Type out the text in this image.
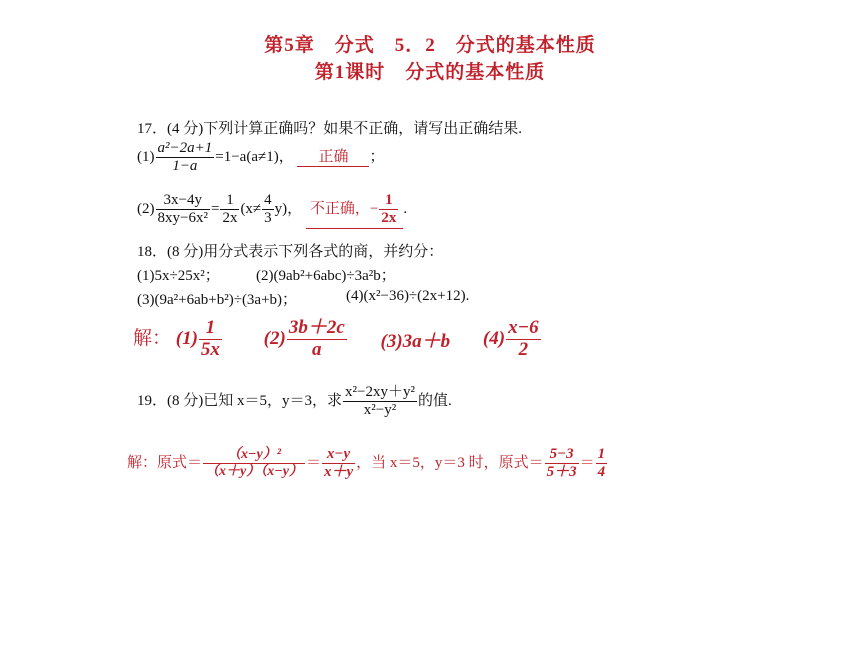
第5章　分式　5．2　分式的基本性质
第1课时　分式的基本性质
17．(4 分)下列计算正确吗？如果不正确，请写出正确结果.
$(1) \frac{\text{a²−2a+1}}{1-a} =1-a(a\ne 1)$， 正确 ；
$(2) \frac{3x-4y}{\text{8xy−6x²}} = \frac{1}{2x} (x\ne \frac{4}{3} y)$， 不正确，− $\frac{1}{2x}$ .
18．(8 分)用分式表示下列各式的商，并约分：
(1)5x÷25x²； (2)(9ab²+6abc)÷3a²b；
(3)(9a²+6ab+b²)÷(3a+b)；	(4)(x²−36)÷(2x+12).
解： $(1) \frac{1}{5x} (2) \frac{3b+2c}{a} (3)3a+b$ $(4) \frac{x-6}{2}$
19．(8 分)已知 x＝5，y＝3，求 $\frac{\text{x²−2xy＋y²}}{\text{x²−y²}}$ 的值.
解：原式＝ $\frac{\text{（x−y）²}}{(x+y)(x-y)} = \frac{x-y}{x+y}$ ，当 x＝5，y＝3 时，原式＝ $\frac{5-3}{5+3} = \frac{1}{4}$
